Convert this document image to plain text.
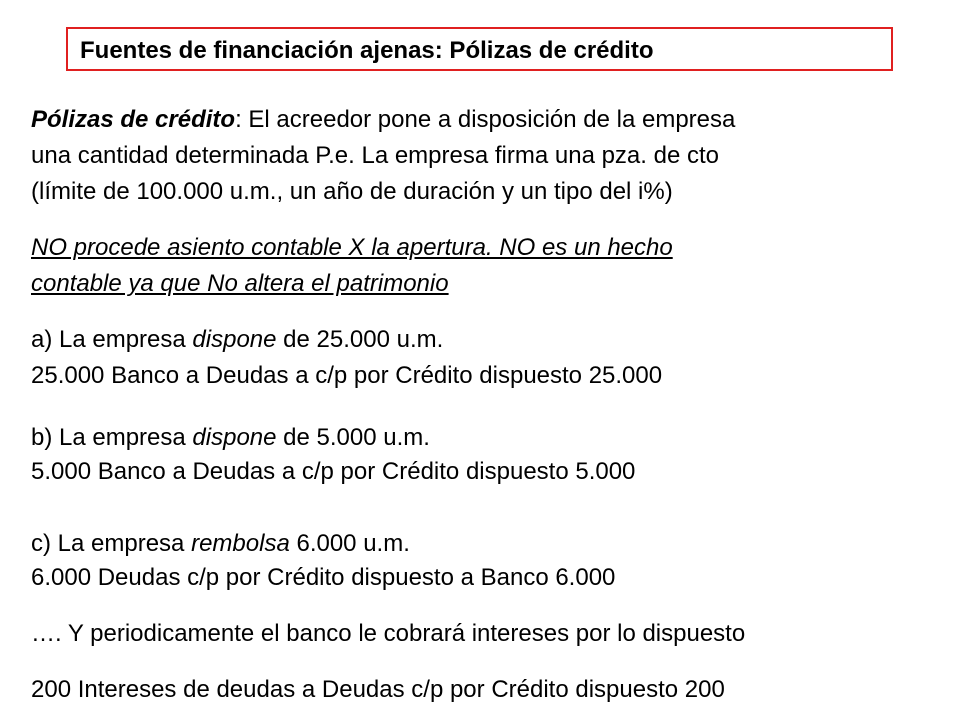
Fuentes de financiación ajenas: Pólizas de crédito
Pólizas de crédito: El acreedor pone a disposición de la empresa
una cantidad determinada P.e. La empresa firma una pza. de cto
(límite de 100.000 u.m., un año de duración y un tipo del i%)
NO procede asiento contable X la apertura. NO es un hecho
contable ya que No altera el patrimonio
a) La empresa dispone de 25.000 u.m.
25.000 Banco a Deudas a c/p por Crédito dispuesto 25.000
b) La empresa dispone de 5.000 u.m.
5.000 Banco a Deudas a c/p por Crédito dispuesto 5.000
c) La empresa rembolsa 6.000 u.m.
6.000 Deudas c/p por Crédito dispuesto a Banco 6.000
…. Y periodicamente el banco le cobrará intereses por lo dispuesto
200 Intereses de deudas a Deudas c/p por Crédito dispuesto 200
